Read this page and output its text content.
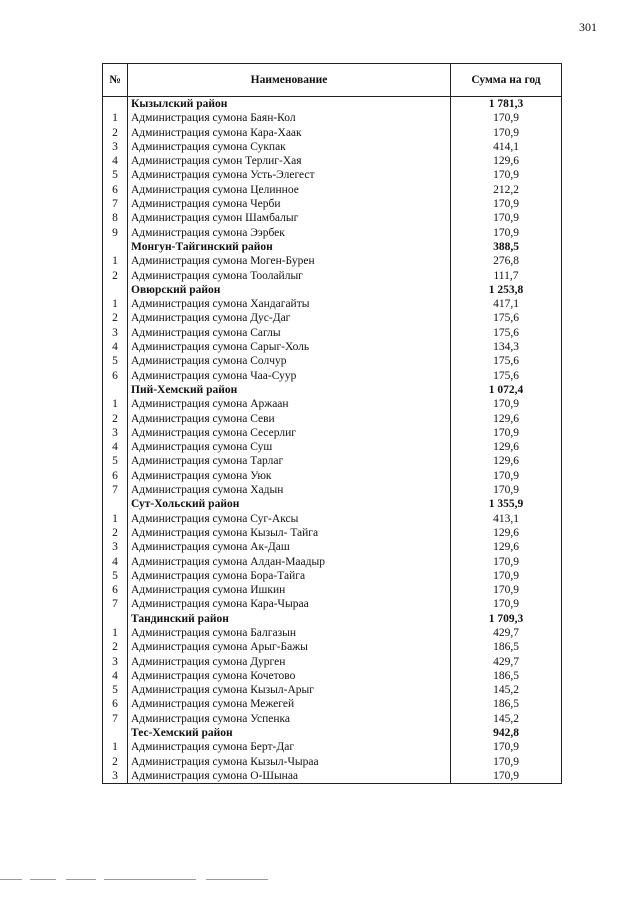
301
№	Наименование	Сумма на год
	Кызылский район	1 781,3
1	Администрация сумона Баян-Кол	170,9
2	Администрация сумона Кара-Хаак	170,9
3	Администрация сумона Сукпак	414,1
4	Администрация сумон Терлиг-Хая	129,6
5	Администрация сумона Усть-Элегест	170,9
6	Администрация сумона Целинное	212,2
7	Администрация сумона Черби	170,9
8	Администрация сумон Шамбалыг	170,9
9	Администрация сумона Ээрбек	170,9
	Монгун-Тайгинский район	388,5
1	Администрация сумона Моген-Бурен	276,8
2	Администрация сумона Тоолайлыг	111,7
	Овюрский район	1 253,8
1	Администрация сумона Хандагайты	417,1
2	Администрация сумона Дус-Даг	175,6
3	Администрация сумона Саглы	175,6
4	Администрация сумона Сарыг-Холь	134,3
5	Администрация сумона Солчур	175,6
6	Администрация сумона Чаа-Суур	175,6
	Пий-Хемский район	1 072,4
1	Администрация сумона Аржаан	170,9
2	Администрация сумона Севи	129,6
3	Администрация сумона Сесерлиг	170,9
4	Администрация сумона Суш	129,6
5	Администрация сумона Тарлаг	129,6
6	Администрация сумона Уюк	170,9
7	Администрация сумона Хадын	170,9
	Сут-Хольский район	1 355,9
1	Администрация сумона Суг-Аксы	413,1
2	Администрация сумона Кызыл- Тайга	129,6
3	Администрация сумона Ак-Даш	129,6
4	Администрация сумона Алдан-Маадыр	170,9
5	Администрация сумона Бора-Тайга	170,9
6	Администрация сумона Ишкин	170,9
7	Администрация сумона Кара-Чыраа	170,9
	Тандинский район	1 709,3
1	Администрация сумона Балгазын	429,7
2	Администрация сумона Арыг-Бажы	186,5
3	Администрация сумона Дурген	429,7
4	Администрация сумона Кочетово	186,5
5	Администрация сумона Кызыл-Арыг	145,2
6	Администрация сумона Межегей	186,5
7	Администрация сумона Успенка	145,2
	Тес-Хемский район	942,8
1	Администрация сумона Берт-Даг	170,9
2	Администрация сумона Кызыл-Чыраа	170,9
3	Администрация сумона О-Шынаа	170,9
